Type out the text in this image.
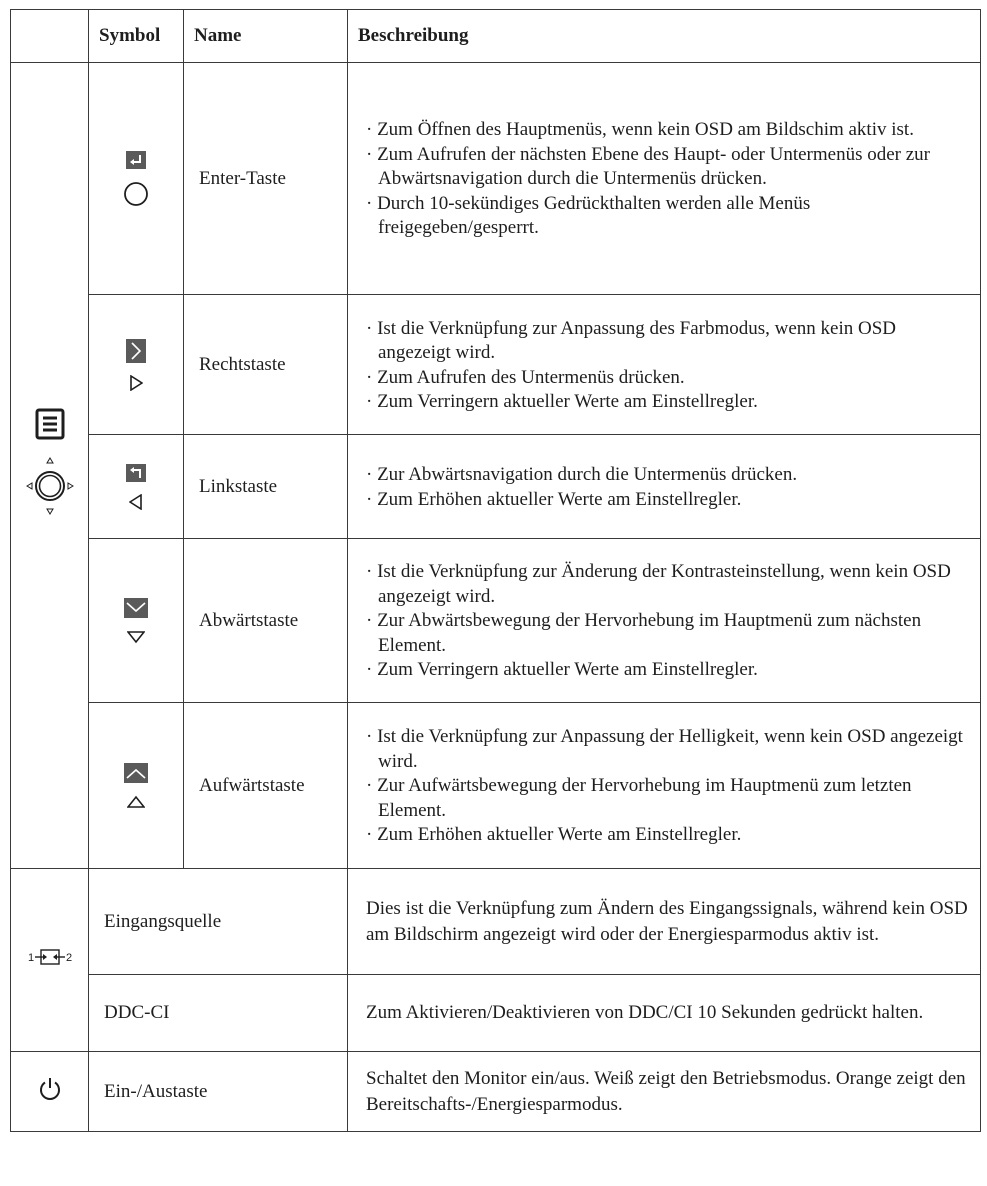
	Symbol	Name	Beschreibung

	Enter-Taste	· Zum Öffnen des Hauptmenüs, wenn kein OSD am Bildschim aktiv ist.
· Zum Aufrufen der nächsten Ebene des Haupt- oder Untermenüs oder zur Abwärtsnavigation durch die Untermenüs drücken.
· Durch 10-sekündiges Gedrückthalten werden alle Menüs freigegeben/gesperrt.

	Rechtstaste	· Ist die Verknüpfung zur Anpassung des Farbmodus, wenn kein OSD angezeigt wird.
· Zum Aufrufen des Untermenüs drücken.
· Zum Verringern aktueller Werte am Einstellregler.

	Linkstaste	· Zur Abwärtsnavigation durch die Untermenüs drücken.
· Zum Erhöhen aktueller Werte am Einstellregler.

	Abwärtstaste	· Ist die Verknüpfung zur Änderung der Kontrasteinstellung, wenn kein OSD angezeigt wird.
· Zur Abwärtsbewegung der Hervorhebung im Hauptmenü zum nächsten Element.
· Zum Verringern aktueller Werte am Einstellregler.

	Aufwärtstaste	· Ist die Verknüpfung zur Anpassung der Helligkeit, wenn kein OSD angezeigt wird.
· Zur Aufwärtsbewegung der Hervorhebung im Hauptmenü zum letzten Element.
· Zum Erhöhen aktueller Werte am Einstellregler.

1 2	Eingangsquelle		Dies ist die Verknüpfung zum Ändern des Eingangssignals, während kein OSD am Bildschirm angezeigt wird oder der Energiesparmodus aktiv ist.
	DDC-CI		Zum Aktivieren/Deaktivieren von DDC/CI 10 Sekunden gedrückt halten.

	Ein-/Austaste		Schaltet den Monitor ein/aus. Weiß zeigt den Betriebsmodus. Orange zeigt den Bereitschafts-/Energiesparmodus.
